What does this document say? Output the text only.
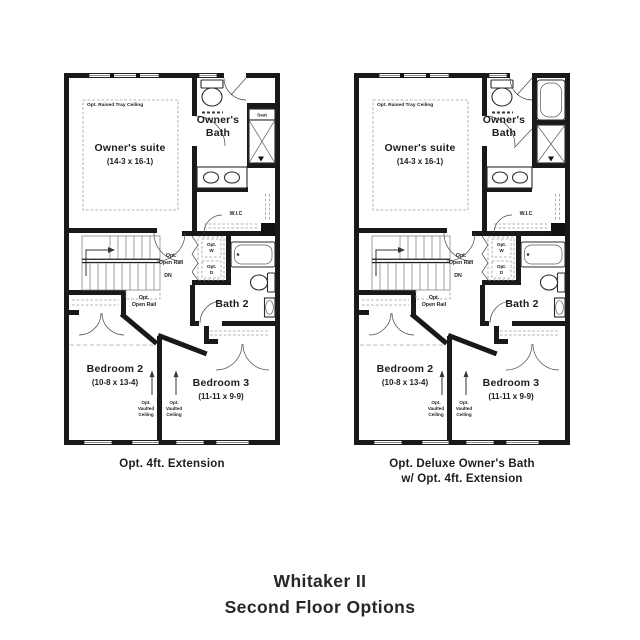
Opt. Raised Tray Ceiling
Owner's suite
(14-3 x 16-1)
Owner's
Bath
Seat
W.I.C
Opt.
Open Rail
DN
Opt.
Open Rail
Opt.
W
Opt.
D
Bath 2
Bedroom 2
(10-8 x 13-4)	Bedroom 3
(11-11 x 9-9)
Opt.
Vaulted
Ceiling
Opt.
Vaulted
Ceiling
Opt. Raised Tray Ceiling
Owner's suite
(14-3 x 16-1)
Owner's
Bath
W.I.C
Opt.
Open Rail
DN
Opt.
Open Rail
Opt.
W
Opt.
D
Bath 2
Bedroom 2
(10-8 x 13-4)	Bedroom 3
(11-11 x 9-9)
Opt.
Vaulted
Ceiling
Opt.
Vaulted
Ceiling
Opt. 4ft. Extension	Opt. Deluxe Owner's Bath
w/ Opt. 4ft. Extension
Whitaker II
Second Floor Options
